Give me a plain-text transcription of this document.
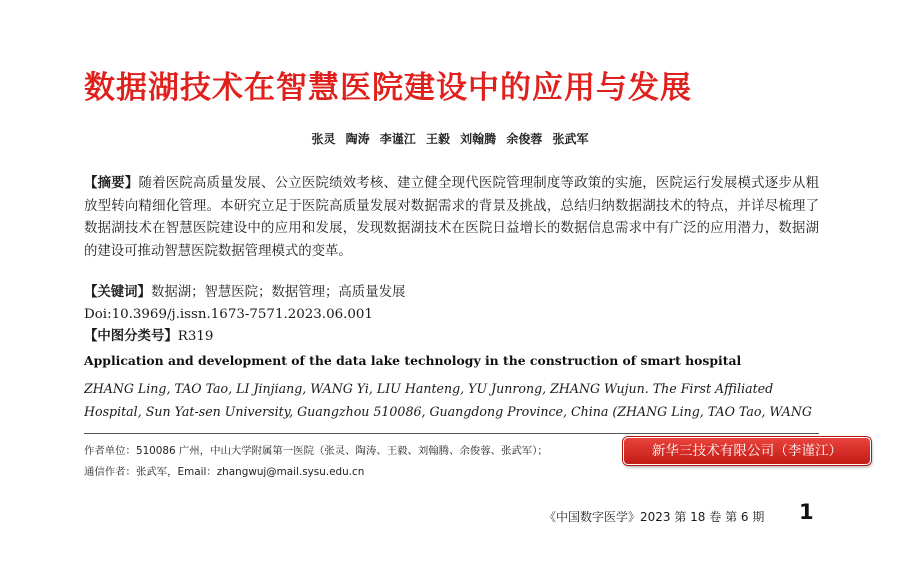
数据湖技术在智慧医院建设中的应用与发展
张灵 陶涛 李谨江 王毅 刘翰腾 余俊蓉 张武军
【摘要】随着医院高质量发展、公立医院绩效考核、建立健全现代医院管理制度等政策的实施，医院运行发展模式逐步从粗放型转向精细化管理。本研究立足于医院高质量发展对数据需求的背景及挑战，总结归纳数据湖技术的特点，并详尽梳理了数据湖技术在智慧医院建设中的应用和发展，发现数据湖技术在医院日益增长的数据信息需求中有广泛的应用潜力，数据湖的建设可推动智慧医院数据管理模式的变革。
【关键词】数据湖；智慧医院；数据管理；高质量发展
Doi:10.3969/j.issn.1673-7571.2023.06.001
【中图分类号】R319
Application and development of the data lake technology in the construction of smart hospital
ZHANG Ling, TAO Tao, LI Jinjiang, WANG Yi, LIU Hanteng, YU Junrong, ZHANG Wujun. The First Affiliated Hospital, Sun Yat-sen University, Guangzhou 510086, Guangdong Province, China (ZHANG Ling, TAO Tao, WANG
作者单位：510086 广州，中山大学附属第一医院（张灵、陶涛、王毅、刘翰腾、余俊蓉、张武军）；
通信作者：张武军，Email：zhangwuj@mail.sysu.edu.cn
新华三技术有限公司（李谨江）
《中国数字医学》2023 第 18 卷 第 6 期 1
